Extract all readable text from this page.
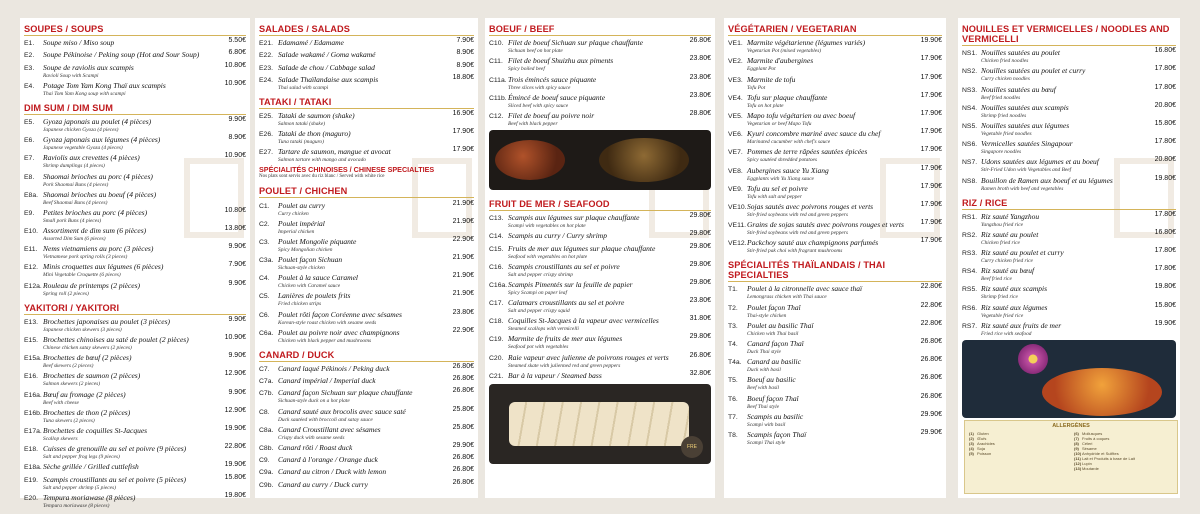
SOUPES / SOUPS
E1. Soupe miso / Miso soup	5.50€
E2. Soupe Pékinoise / Peking soup (Hot and Sour Soup)	6.80€
E3. Soupe de raviolis aux scampis	10.80€
Ravioli Soup with Scampi
E4. Potage Tom Yam Kong Thaï aux scampis	10.90€
Thai Tom Yam Kong soup with scampi
DIM SUM / DIM SUM
E5. Gyoza japonais au poulet (4 pièces)	9.90€
Japanese chicken Gyoza (4 pieces)
E6. Gyoza japonais aux légumes (4 pièces)	8.90€
Japanese vegetable Gyoza (4 pieces)
E7. Raviolis aux crevettes (4 pièces)	10.90€
Shrimp dumplings (4 pieces)
E8. Shaomai brioches au porc (4 pièces)
Pork Shaomai Buns (4 pieces)
E8a. Shaomai brioches au boeuf (4 pièces)
Beef Shaomai Buns (4 pieces)
E9. Petites brioches au porc (4 pièces)	10.80€
Small pork Buns (4 pieces)
E10. Assortiment de dim sum (6 pièces)	13.80€
Assorted Dim Sum (6 pieces)
E11. Nems vietnamiens au porc (3 pièces)	9.90€
Vietnamese pork spring rolls (3 pieces)
E12. Minis croquettes aux légumes (6 pièces)	7.90€
Mini Vegetable Croquette (6 pieces)
E12a.Rouleau de printemps (2 pièces)	9.90€
Spring roll (2 pieces)
YAKITORI / YAKITORI
E13. Brochettes japonaises au poulet (3 pièces)	9.90€
Japanese chicken skewers (3 pieces)
E15. Brochettes chinoises au saté de poulet (2 pièces)	10.90€
Chinese chicken satay skewers (2 pieces)
E15a.Brochettes de bœuf (2 pièces)	9.90€
Beef skewers (2 pieces)
E16. Brochettes de saumon (2 pièces)	12.90€
Salmon skewers (2 pieces)
E16a.Bœuf au fromage (2 pièces)	9.90€
Beef with cheese
E16b.Brochettes de thon (2 pièces)	12.90€
Tuna skewers (2 pieces)
E17a.Brochettes de coquilles St-Jacques	19.90€
Scallop skewers
E18. Cuisses de grenouille au sel et poivre (9 pièces)	22.80€
Salt and pepper frog legs (9 pieces)
E18a.Sèche grillée / Grilled cuttlefish	19.90€
E19. Scampis croustillants au sel et poivre (5 pièces)	15.80€
Salt and pepper shrimp (5 pieces)
E20. Tempura moriawase (8 pièces)	19.80€
Tempura moriawase (8 pieces)
SALADES / SALADS
E21. Edamamé / Edamame	7.90€
E22. Salade wakamé / Goma wakamé	8.90€
E23. Salade de chou / Cabbage salad	8.90€
E24. Salade Thaïlandaise aux scampis	18.80€
Thai salad with scampi
TATAKI / TATAKI
E25. Tataki de saumon (shake)	16.90€
Salmon tataki (shake)
E26. Tataki de thon (maguro)	17.90€
Tuna tataki (maguro)
E27. Tartare de saumon, mangue et avocat	17.90€
Salmon tartare with mango and avocado
SPÉCIALITÉS CHINOISES / CHINESE SPECIALTIES
Nos plats sont servis avec du riz blanc / Served with white rice
POULET / CHICHEN
C1. Poulet au curry	21.90€
Curry chicken
C2. Poulet impérial	21.90€
Imperial chicken
C3. Poulet Mongolie piquante	22.90€
Spicy Mongolian chicken
C3a. Poulet façon Sichuan	21.90€
Sichuan-style chicken
C4. Poulet à la sauce Caramel	21.90€
Chicken with Caramel sauce
C5. Lanières de poulets frits	21.90€
Fried chicken strips
C6. Poulet rôti façon Coréenne avec sésames	23.80€
Korean-style roast chicken with sesame seeds
C6a. Poulet au poivre noir avec champignons	22.90€
Chicken with black pepper and mushrooms
CANARD / DUCK
C7. Canard laqué Pékinois / Peking duck	26.80€
C7a. Canard impérial / Imperial duck	26.80€
C7b. Canard façon Sichuan sur plaque chauffante	26.80€
Sichuan-style duck on a hot plate
C8. Canard sauté aux brocolis avec sauce saté	25.80€
Duck sautéed with broccoli and satay sauce
C8a. Canard Croustillant avec sésames	25.80€
Crispy duck with sesame seeds
C8b. Canard rôti / Roast duck	29.90€
C9. Canard à l'orange / Orange duck	26.80€
C9a. Canard au citron / Duck with lemon	26.80€
C9b. Canard au curry / Duck curry	26.80€
BOEUF / BEEF
C10. Filet de boeuf Sichuan sur plaque chauffante	26.80€
Sichuan beef on hot plate
C11. Filet de boeuf Shuizhu aux piments	23.80€
Spicy boiled beef
C11a.Trois émincés sauce piquante	23.80€
Three slices with spicy sauce
C11b.Émincé de boeuf sauce piquante	23.80€
Sliced beef with spicy sauce
C12. Filet de boeuf au poivre noir	28.80€
Beef with black pepper
FRUIT DE MER / SEAFOOD
C13. Scampis aux légumes sur plaque chauffante	29.80€
Scampi with vegetables on hot plate
C14. Scampis au curry / Curry shrimp	29.80€
C15. Fruits de mer aux légumes sur plaque chauffante	29.80€
Seafood with vegetables on hot plate
C16. Scampis croustillants au sel et poivre	29.80€
Salt and pepper crispy shrimp
C16a.Scampis Pimentés sur la feuille de papier	29.80€
Spicy Scampi on paper leaf
C17. Calamars croustillants au sel et poivre	23.80€
Salt and pepper crispy squid
C18. Coquilles St-Jacques à la vapeur avec vermicelles	31.80€
Steamed scallops with vermicelli
C19. Marmite de fruits de mer aux légumes	29.80€
Seafood pot with vegetables
C20. Raie vapeur avec julienne de poivrons rouges et verts	26.80€
Steamed skate with julienned red and green peppers
C21. Bar à la vapeur / Steamed bass	32.80€
FRE
VÉGÉTARIEN / VEGETARIAN
VE1. Marmite végétarienne (légumes variés)	19.90€
Vegetarian Pot (mixed vegetables)
VE2. Marmite d'aubergines	17.90€
Eggplant Pot
VE3. Marmite de tofu	17.90€
Tofu Pot
VE4. Tofu sur plaque chauffante	17.90€
Tofu on hot plate
VE5. Mapo tofu végétarien ou avec boeuf	17.90€
Vegetarian or beef Mapo Tofu
VE6. Kyuri concombre mariné avec sauce du chef	17.90€
Marinated cucumber with chef's sauce
VE7. Pommes de terre râpées sautées épicées	17.90€
Spicy sautéed shredded potatoes
VE8. Aubergines sauce Yu Xiang	17.90€
Eggplants with Yu Xiang sauce
VE9. Tofu au sel et poivre	17.90€
Tofu with salt and pepper
VE10.Sojas sautés avec poivrons rouges et verts	17.90€
Stir-fried soybeans with red and green peppers
VE11.Grains de sojas sautés avec poivrons rouges et verts 17.90€
Stir-fried soybeans with red and green peppers
VE12.Packchoy sauté aux champignons parfumés	17.90€
Stir-fried pak choi with fragrant mushrooms
SPÉCIALITÉS THAÏLANDAIS / THAI SPECIALTIES
T1. Poulet à la citronnelle avec sauce thaï	22.80€
Lemongrass chicken with Thai sauce
T2. Poulet façon Thaï	22.80€
Thai-style chicken
T3. Poulet au basilic Thaï	22.80€
Chicken with Thai basil
T4. Canard façon Thaï	26.80€
Duck Thai style
T4a. Canard au basilic	26.80€
Duck with basil
T5. Boeuf au basilic	26.80€
Beef with basil
T6. Boeuf façon Thaï	26.80€
Beef Thai style
T7. Scampis au basilic	29.90€
Scampi with basil
T8. Scampis façon Thaï	29.90€
Scampi Thai style
NOUILLES ET VERMICELLES / NOODLES AND VERMICELLI
NS1. Nouilles sautées au poulet	16.80€
Chicken fried noodles
NS2. Nouilles sautées au poulet et curry	17.80€
Curry chicken noodles
NS3. Nouilles sautées au bœuf	17.80€
Beef fried noodles
NS4. Nouilles sautées aux scampis	20.80€
Shrimp fried noodles
NS5. Nouilles sautées aux légumes	15.80€
Vegetable fried noodles
NS6. Vermicelles sautées Singapour	17.80€
Singapore noodles
NS7. Udons sautées aux légumes et au boeuf	20.80€
Stir-Fried Udon with Vegetables and Beef
NS8. Bouillon de Ramen aux boeuf et au légumes	19.80€
Ramen broth with beef and vegetables
RIZ / RICE
RS1. Riz sauté Yangzhou	17.80€
Yangzhou fried rice
RS2. Riz sauté au poulet	16.80€
Chicken fried rice
RS3. Riz sauté au poulet et curry	17.80€
Curry chicken fried rice
RS4. Riz sauté au bœuf	17.80€
Beef fried rice
RS5. Riz sauté aux scampis	19.80€
Shrimp fried rice
RS6. Riz sauté aux légumes	15.80€
Vegetable fried rice
RS7. Riz sauté aux fruits de mer	19.90€
Fried rice with seafood
ALLERGÈNES
(1) Gluten
(2) Œufs
(3) Arachides
(4) Soja
(5) Poisson
(6) Mollusques
(7) Fruits à coques
(8) Céleri
(9) Sésame
(10)Anhydride et Sulfites
(11)Lait et Produits à base de Lait
(12)Lupin
(13)Moutarde
